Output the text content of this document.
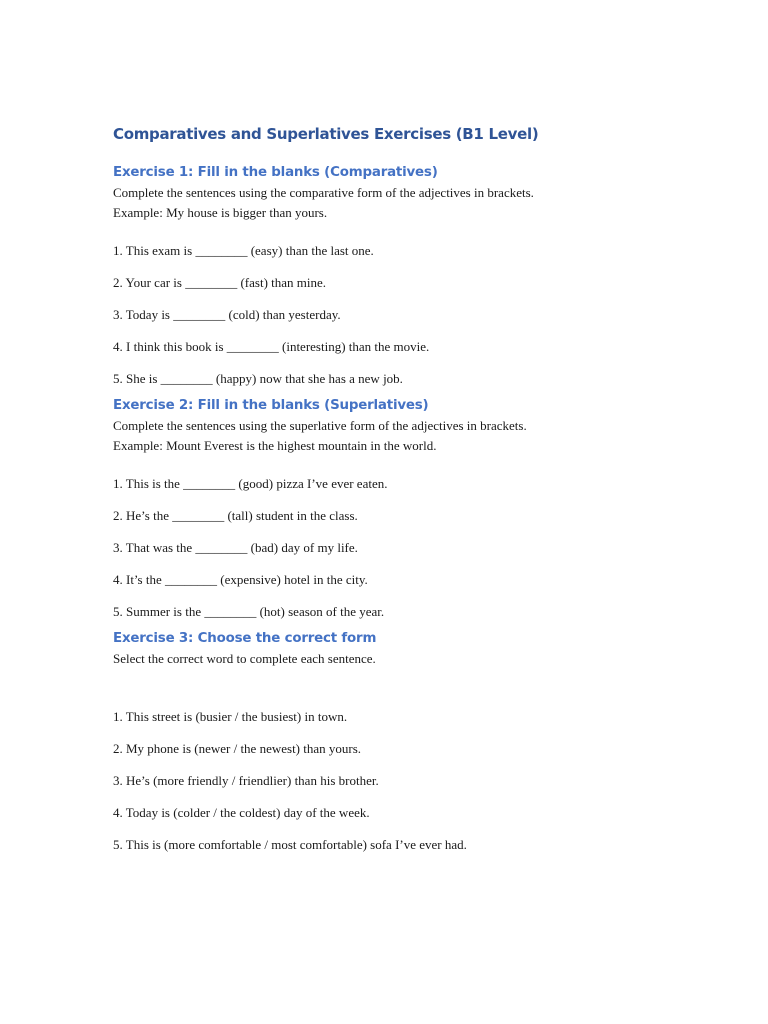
Comparatives and Superlatives Exercises (B1 Level)
Exercise 1: Fill in the blanks (Comparatives)

Complete the sentences using the comparative form of the adjectives in brackets.

Example: My house is bigger than yours.

1. This exam is ________ (easy) than the last one.
2. Your car is ________ (fast) than mine.
3. Today is ________ (cold) than yesterday.
4. I think this book is ________ (interesting) than the movie.
5. She is ________ (happy) now that she has a new job.
Exercise 2: Fill in the blanks (Superlatives)

Complete the sentences using the superlative form of the adjectives in brackets.

Example: Mount Everest is the highest mountain in the world.

1. This is the ________ (good) pizza I’ve ever eaten.
2. He’s the ________ (tall) student in the class.
3. That was the ________ (bad) day of my life.
4. It’s the ________ (expensive) hotel in the city.
5. Summer is the ________ (hot) season of the year.
Exercise 3: Choose the correct form

Select the correct word to complete each sentence.

1. This street is (busier / the busiest) in town.
2. My phone is (newer / the newest) than yours.
3. He’s (more friendly / friendlier) than his brother.
4. Today is (colder / the coldest) day of the week.
5. This is (more comfortable / most comfortable) sofa I’ve ever had.
